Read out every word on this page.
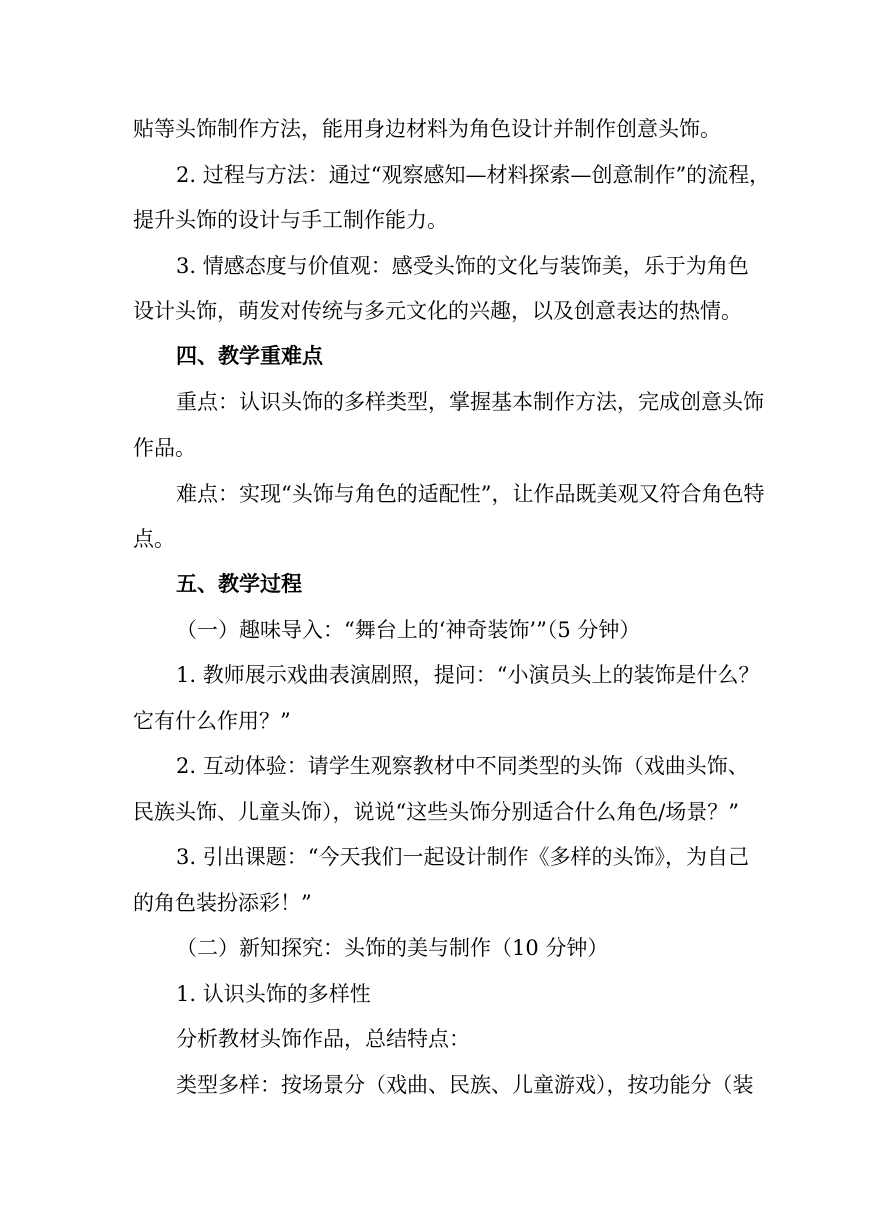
贴等头饰制作方法，能用身边材料为角色设计并制作创意头饰。
2. 过程与方法：通过“观察感知—材料探索—创意制作”的流程，
提升头饰的设计与手工制作能力。
3. 情感态度与价值观：感受头饰的文化与装饰美，乐于为角色
设计头饰，萌发对传统与多元文化的兴趣，以及创意表达的热情。
四、教学重难点
重点：认识头饰的多样类型，掌握基本制作方法，完成创意头饰
作品。
难点：实现“头饰与角色的适配性”，让作品既美观又符合角色特
点。
五、教学过程
（一）趣味导入：“舞台上的‘神奇装饰’”（5 分钟）
1. 教师展示戏曲表演剧照，提问：“小演员头上的装饰是什么？
它有什么作用？”
2. 互动体验：请学生观察教材中不同类型的头饰（戏曲头饰、
民族头饰、儿童头饰），说说“这些头饰分别适合什么角色/场景？”
3. 引出课题：“今天我们一起设计制作《多样的头饰》，为自己
的角色装扮添彩！”
（二）新知探究：头饰的美与制作（10 分钟）
1. 认识头饰的多样性
分析教材头饰作品，总结特点：
类型多样：按场景分（戏曲、民族、儿童游戏），按功能分（装
